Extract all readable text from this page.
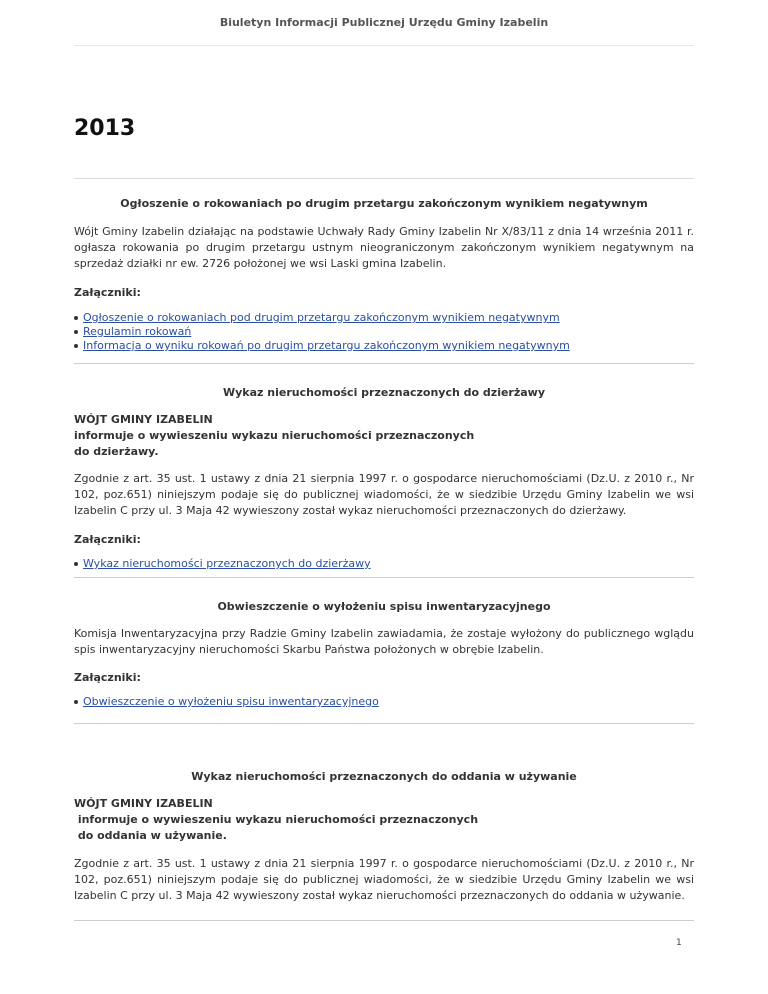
Biuletyn Informacji Publicznej Urzędu Gminy Izabelin
2013

Ogłoszenie o rokowaniach po drugim przetargu zakończonym wynikiem negatywnym

Wójt Gminy Izabelin działając na podstawie Uchwały Rady Gminy Izabelin Nr X/83/11 z dnia 14 września 2011 r. ogłasza rokowania po drugim przetargu ustnym nieograniczonym zakończonym wynikiem negatywnym na sprzedaż działki nr ew. 2726 położonej we wsi Laski gmina Izabelin.

Załączniki:

Ogłoszenie o rokowaniach pod drugim przetargu zakończonym wynikiem negatywnym
Regulamin rokowań
Informacja o wyniku rokowań po drugim przetargu zakończonym wynikiem negatywnym

Wykaz nieruchomości przeznaczonych do dzierżawy

WÓJT GMINY IZABELIN

informuje o wywieszeniu wykazu nieruchomości przeznaczonych

do dzierżawy.

Zgodnie z art. 35 ust. 1 ustawy z dnia 21 sierpnia 1997 r. o gospodarce nieruchomościami (Dz.U. z 2010 r., Nr 102, poz.651) niniejszym podaje się do publicznej wiadomości, że w siedzibie Urzędu Gminy Izabelin we wsi Izabelin C przy ul. 3 Maja 42 wywieszony został wykaz nieruchomości przeznaczonych do dzierżawy.

Załączniki:

Wykaz nieruchomości przeznaczonych do dzierżawy

Obwieszczenie o wyłożeniu spisu inwentaryzacyjnego

Komisja Inwentaryzacyjna przy Radzie Gminy Izabelin zawiadamia, że zostaje wyłożony do publicznego wglądu spis inwentaryzacyjny nieruchomości Skarbu Państwa położonych w obrębie Izabelin.

Załączniki:

Obwieszczenie o wyłożeniu spisu inwentaryzacyjnego

Wykaz nieruchomości przeznaczonych do oddania w używanie

WÓJT GMINY IZABELIN

informuje o wywieszeniu wykazu nieruchomości przeznaczonych

do oddania w używanie.

Zgodnie z art. 35 ust. 1 ustawy z dnia 21 sierpnia 1997 r. o gospodarce nieruchomościami (Dz.U. z 2010 r., Nr 102, poz.651) niniejszym podaje się do publicznej wiadomości, że w siedzibie Urzędu Gminy Izabelin we wsi Izabelin C przy ul. 3 Maja 42 wywieszony został wykaz nieruchomości przeznaczonych do oddania w używanie.

1
